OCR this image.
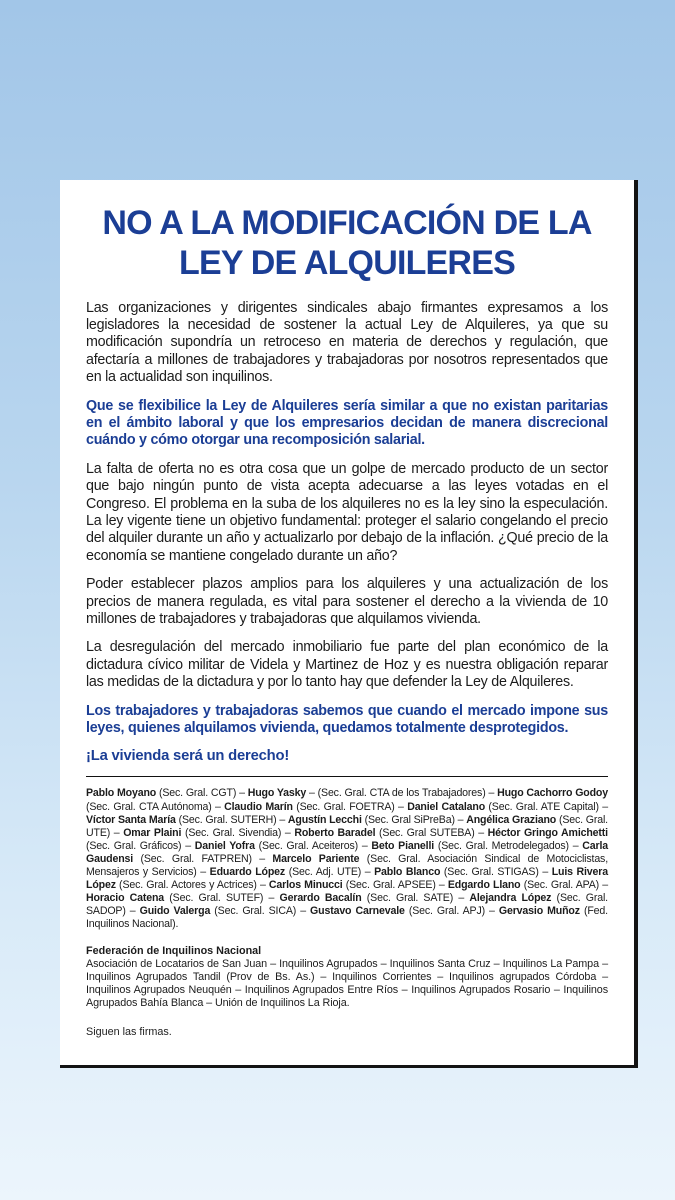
NO A LA MODIFICACIÓN DE LA
LEY DE ALQUILERES

Las organizaciones y dirigentes sindicales abajo firmantes expresamos a los legisladores la necesidad de sostener la actual Ley de Alquileres, ya que su modificación supondría un retroceso en materia de derechos y regulación, que afectaría a millones de trabajadores y trabajadoras por nosotros representados que en la actualidad son inquilinos.

Que se flexibilice la Ley de Alquileres sería similar a que no existan paritarias en el ámbito laboral y que los empresarios decidan de manera discrecional cuándo y cómo otorgar una recomposición salarial.

La falta de oferta no es otra cosa que un golpe de mercado producto de un sector que bajo ningún punto de vista acepta adecuarse a las leyes votadas en el Congreso. El problema en la suba de los alquileres no es la ley sino la especulación. La ley vigente tiene un objetivo fundamental: proteger el salario congelando el precio del alquiler durante un año y actualizarlo por debajo de la inflación. ¿Qué precio de la economía se mantiene congelado durante un año?

Poder establecer plazos amplios para los alquileres y una actualización de los precios de manera regulada, es vital para sostener el derecho a la vivienda de 10 millones de trabajadores y trabajadoras que alquilamos vivienda.

La desregulación del mercado inmobiliario fue parte del plan económico de la dictadura cívico militar de Videla y Martinez de Hoz y es nuestra obligación reparar las medidas de la dictadura y por lo tanto hay que defender la Ley de Alquileres.

Los trabajadores y trabajadoras sabemos que cuando el mercado impone sus leyes, quienes alquilamos vivienda, quedamos totalmente desprotegidos.

¡La vivienda será un derecho!

Pablo Moyano (Sec. Gral. CGT) – Hugo Yasky – (Sec. Gral. CTA de los Trabajadores) – Hugo Cachorro Godoy (Sec. Gral. CTA Autónoma) – Claudio Marín (Sec. Gral. FOETRA) – Daniel Catalano (Sec. Gral. ATE Capital) – Víctor Santa María (Sec. Gral. SUTERH) – Agustín Lecchi (Sec. Gral SiPreBa) – Angélica Graziano (Sec. Gral. UTE) – Omar Plaini (Sec. Gral. Sivendia) – Roberto Baradel (Sec. Gral SUTEBA) – Héctor Gringo Amichetti (Sec. Gral. Gráficos) – Daniel Yofra (Sec. Gral. Aceiteros) – Beto Pianelli (Sec. Gral. Metrodelegados) – Carla Gaudensi (Sec. Gral. FATPREN) – Marcelo Pariente (Sec. Gral. Asociación Sindical de Motociclistas, Mensajeros y Servicios) – Eduardo López (Sec. Adj. UTE) – Pablo Blanco (Sec. Gral. STIGAS) – Luis Rivera López (Sec. Gral. Actores y Actrices) – Carlos Minucci (Sec. Gral. APSEE) – Edgardo Llano (Sec. Gral. APA) – Horacio Catena (Sec. Gral. SUTEF) – Gerardo Bacalín (Sec. Gral. SATE) – Alejandra López (Sec. Gral. SADOP) – Guido Valerga (Sec. Gral. SICA) – Gustavo Carnevale (Sec. Gral. APJ) – Gervasio Muñoz (Fed. Inquilinos Nacional).

Federación de Inquilinos Nacional

Asociación de Locatarios de San Juan – Inquilinos Agrupados – Inquilinos Santa Cruz – Inquilinos La Pampa – Inquilinos Agrupados Tandil (Prov de Bs. As.) – Inquilinos Corrientes – Inquilinos agrupados Córdoba – Inquilinos Agrupados Neuquén – Inquilinos Agrupados Entre Ríos – Inquilinos Agrupados Rosario – Inquilinos Agrupados Bahía Blanca – Unión de Inquilinos La Rioja.

Siguen las firmas.
